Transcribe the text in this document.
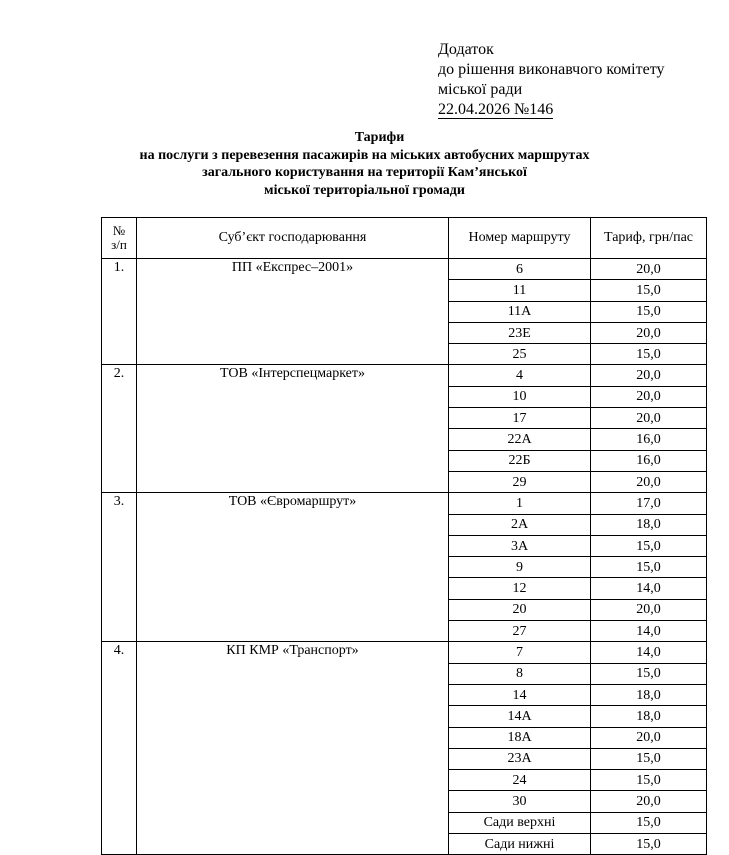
Додаток
до рішення виконавчого комітету
міської ради
22.04.2026 №146
Тарифи
на послуги з перевезення пасажирів на міських автобусних маршрутах
загального користування на території Кам’янської
міської територіальної громади
№
з/п	Суб’єкт господарювання	Номер маршруту	Тариф, грн/пас
1.	ПП «Експрес–2001»	6	20,0
		11	15,0
		11А	15,0
		23Е	20,0
		25	15,0
2.	ТОВ «Інтерспецмаркет»	4	20,0
		10	20,0
		17	20,0
		22А	16,0
		22Б	16,0
		29	20,0
3.	ТОВ «Євромаршрут»	1	17,0
		2А	18,0
		3А	15,0
		9	15,0
		12	14,0
		20	20,0
		27	14,0
4.	КП КМР «Транспорт»	7	14,0
		8	15,0
		14	18,0
		14А	18,0
		18А	20,0
		23А	15,0
		24	15,0
		30	20,0
		Сади верхні	15,0
		Сади нижні	15,0
